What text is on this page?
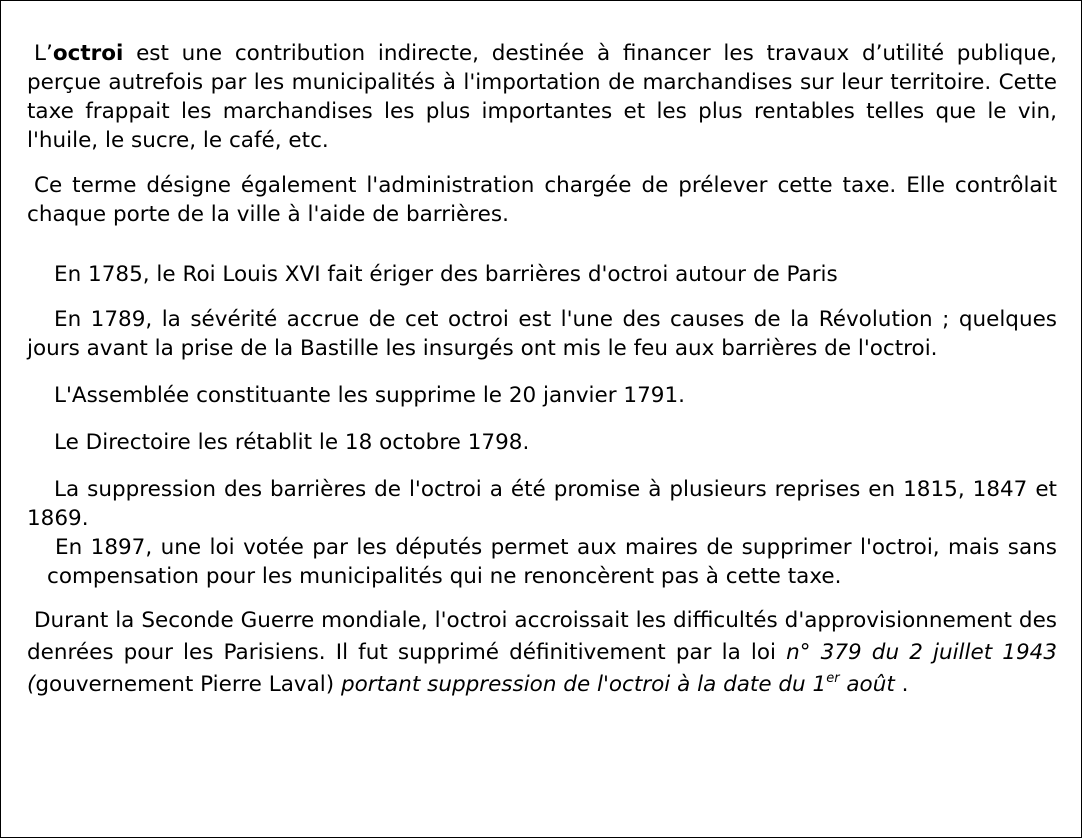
L’octroi est une contribution indirecte, destinée à financer les travaux d’utilité publique, perçue autrefois par les municipalités à l'importation de marchandises sur leur territoire. Cette taxe frappait les marchandises les plus importantes et les plus rentables telles que le vin, l'huile, le sucre, le café, etc.

Ce terme désigne également l'administration chargée de prélever cette taxe. Elle contrôlait chaque porte de la ville à l'aide de barrières.

En 1785, le Roi Louis XVI fait ériger des barrières d'octroi autour de Paris

En 1789, la sévérité accrue de cet octroi est l'une des causes de la Révolution ; quelques jours avant la prise de la Bastille les insurgés ont mis le feu aux barrières de l'octroi.

L'Assemblée constituante les supprime le 20 janvier 1791.

Le Directoire les rétablit le 18 octobre 1798.

La suppression des barrières de l'octroi a été promise à plusieurs reprises en 1815, 1847 et 1869.

En 1897, une loi votée par les députés permet aux maires de supprimer l'octroi, mais sans compensation pour les municipalités qui ne renoncèrent pas à cette taxe.

Durant la Seconde Guerre mondiale, l'octroi accroissait les difficultés d'approvisionnement des denrées pour les Parisiens. Il fut supprimé définitivement par la loi n° 379 du 2 juillet 1943 (gouvernement Pierre Laval) portant suppression de l'octroi à la date du 1er août .
